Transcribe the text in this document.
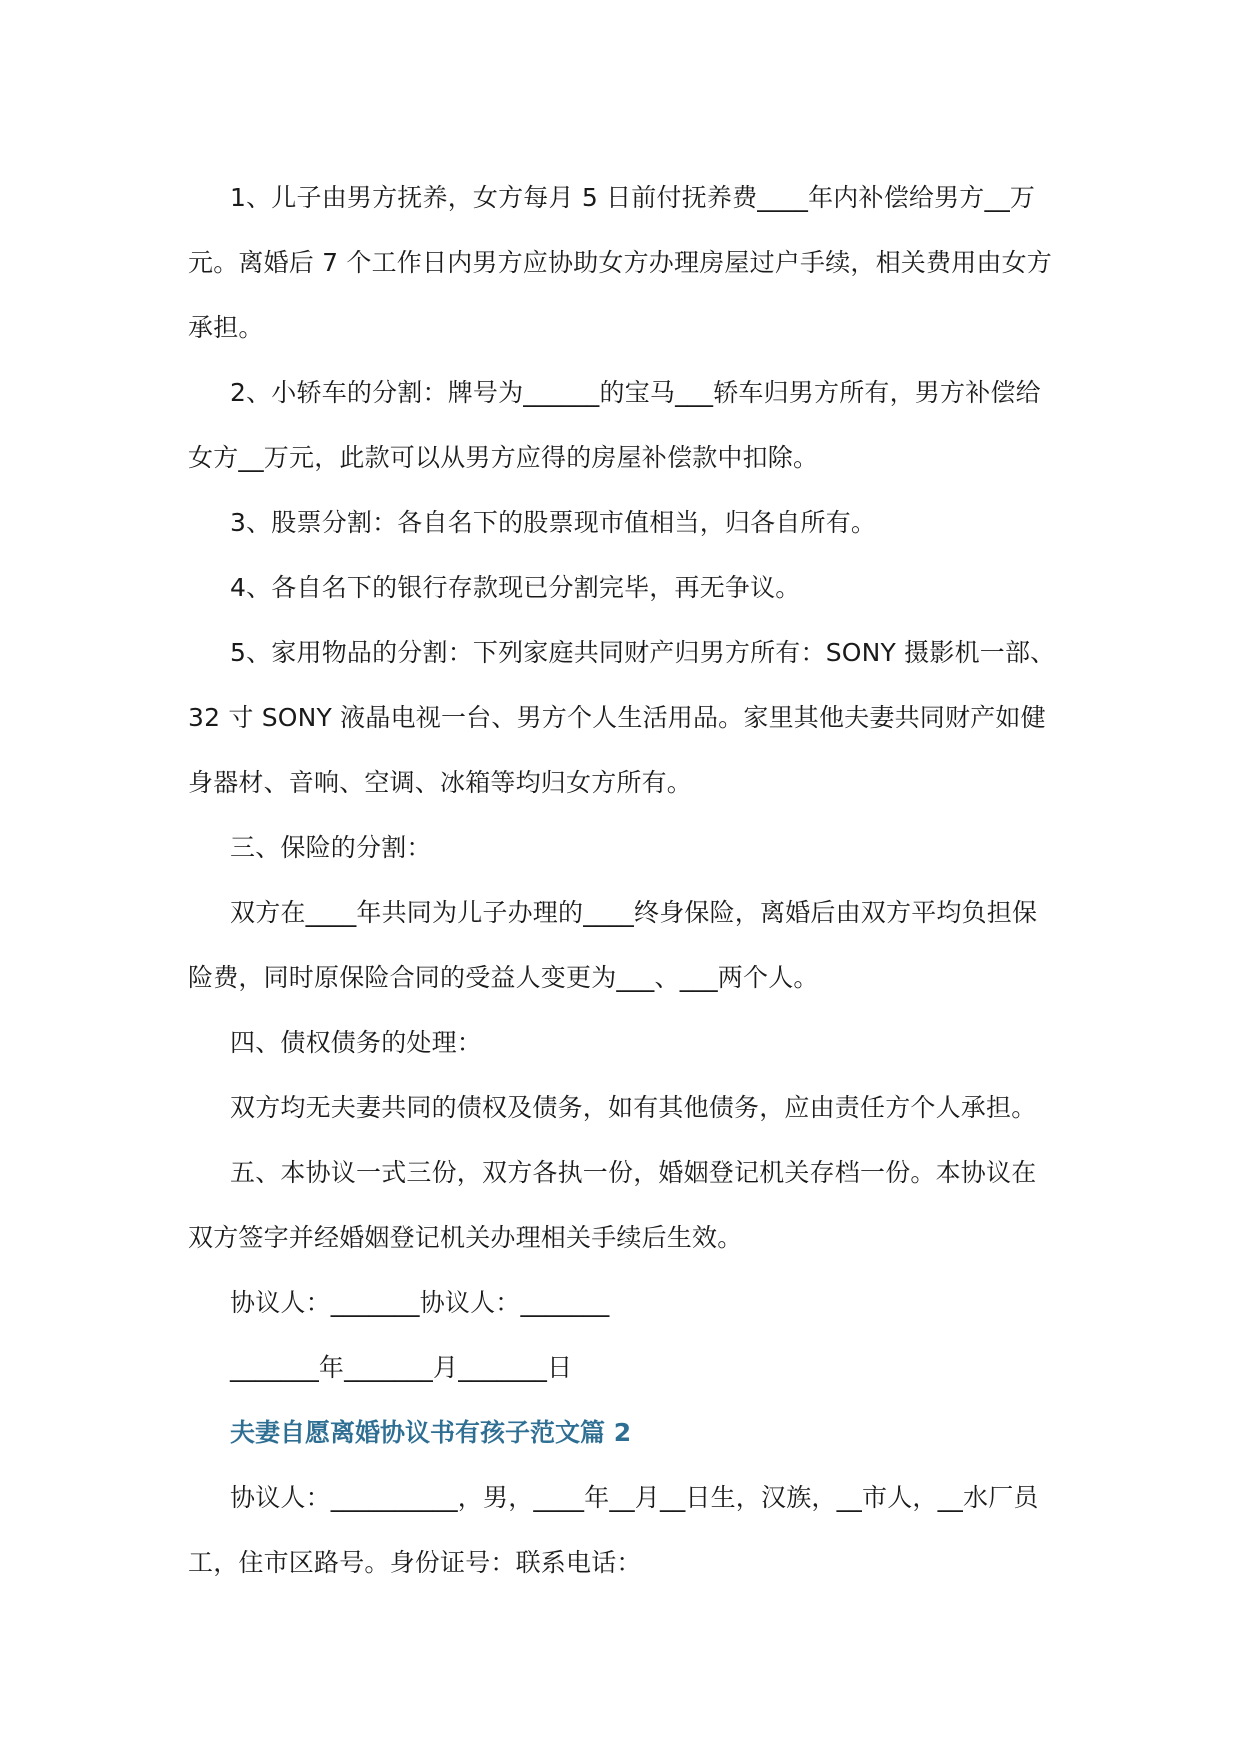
1、儿子由男方抚养，女方每月 5 日前付抚养费____年内补偿给男方__万元。离婚后 7 个工作日内男方应协助女方办理房屋过户手续，相关费用由女方承担。

2、小轿车的分割：牌号为______的宝马___轿车归男方所有，男方补偿给女方__万元，此款可以从男方应得的房屋补偿款中扣除。

3、股票分割：各自名下的股票现市值相当，归各自所有。

4、各自名下的银行存款现已分割完毕，再无争议。

5、家用物品的分割：下列家庭共同财产归男方所有：SONY 摄影机一部、32 寸 SONY 液晶电视一台、男方个人生活用品。家里其他夫妻共同财产如健身器材、音响、空调、冰箱等均归女方所有。

三、保险的分割：

双方在____年共同为儿子办理的____终身保险，离婚后由双方平均负担保险费，同时原保险合同的受益人变更为___、___两个人。

四、债权债务的处理：

双方均无夫妻共同的债权及债务，如有其他债务，应由责任方个人承担。

五、本协议一式三份，双方各执一份，婚姻登记机关存档一份。本协议在双方签字并经婚姻登记机关办理相关手续后生效。

协议人：_______协议人：_______

_______年_______月_______日

夫妻自愿离婚协议书有孩子范文篇 2

协议人：__________，男，____年__月__日生，汉族，__市人，__水厂员工，住市区路号。身份证号：联系电话：
